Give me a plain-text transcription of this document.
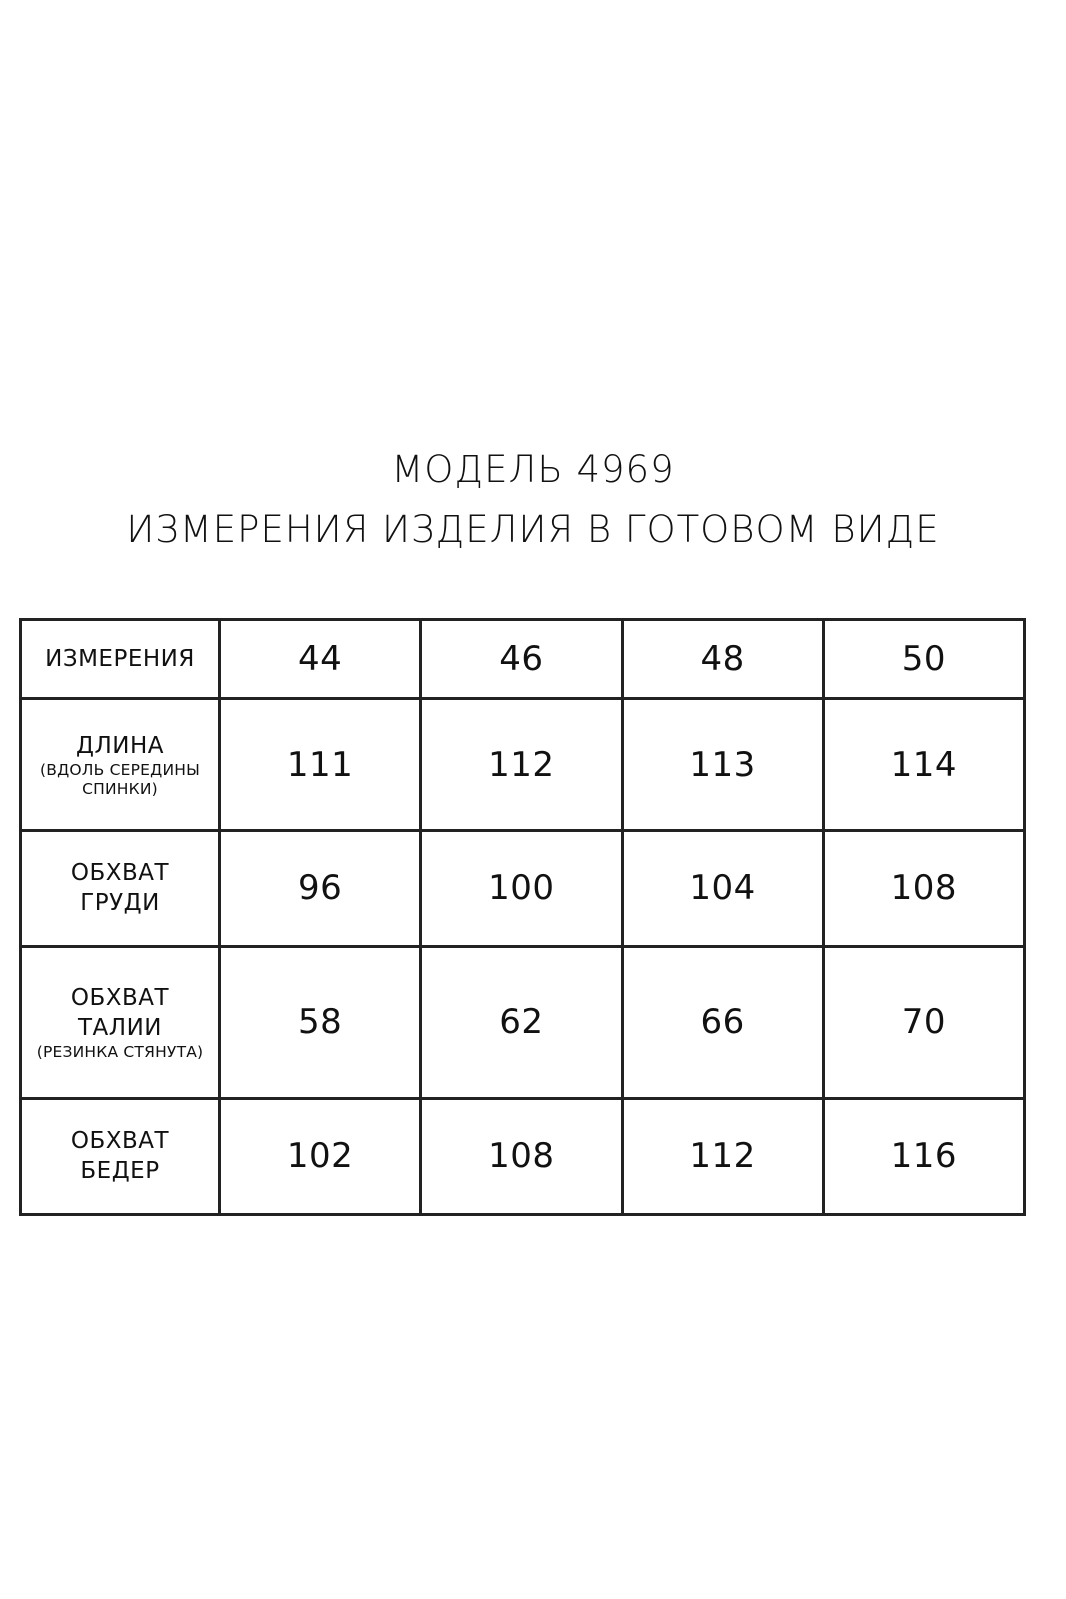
МОДЕЛЬ 4969
ИЗМЕРЕНИЯ ИЗДЕЛИЯ В ГОТОВОМ ВИДЕ
ИЗМЕРЕНИЯ	44	46	48	50

ДЛИНА
(ВДОЛЬ СЕРЕДИНЫ
СПИНКИ)	111	112	113	114

ОБХВАТ
ГРУДИ	96	100	104	108

ОБХВАТ
ТАЛИИ
(РЕЗИНКА СТЯНУТА)	58	62	66	70

ОБХВАТ
БЕДЕР	102	108	112	116
